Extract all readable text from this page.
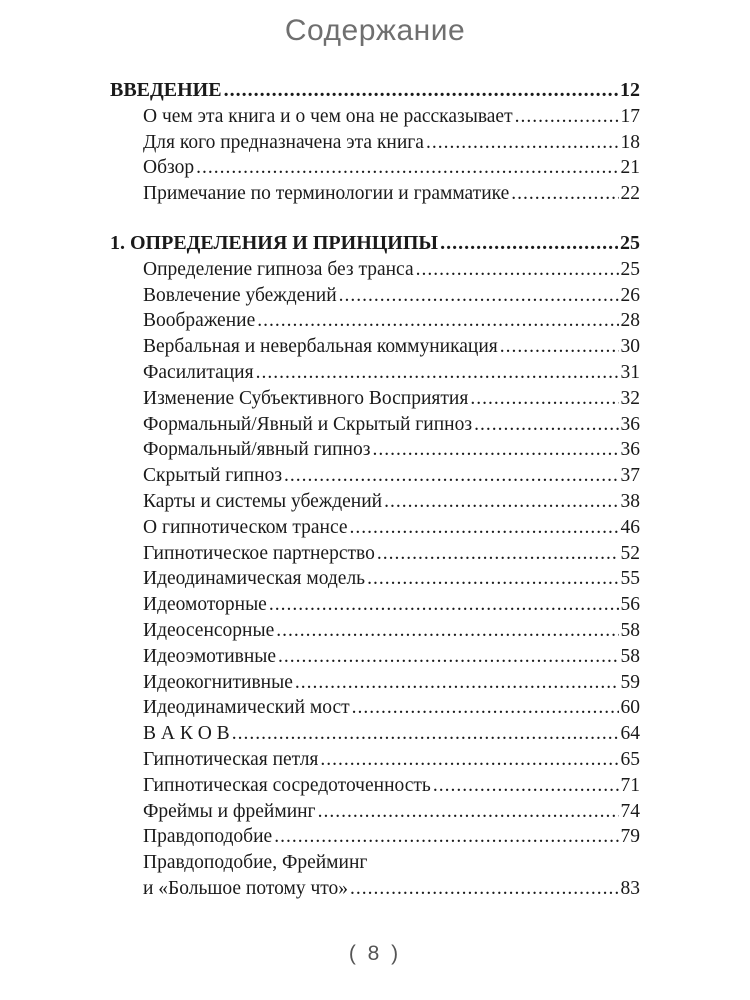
Содержание
ВВЕДЕНИЕ .....	12
О чем эта книга и о чем она не рассказывает .....	17
Для кого предназначена эта книга .....	18
Обзор .....	21
Примечание по терминологии и грамматике .....	22
1. ОПРЕДЕЛЕНИЯ И ПРИНЦИПЫ .....	25
Определение гипноза без транса .....	25
Вовлечение убеждений .....	26
Воображение .....	28
Вербальная и невербальная коммуникация .....	30
Фасилитация .....	31
Изменение Субъективного Восприятия .....	32
Формальный/Явный и Скрытый гипноз .....	36
Формальный/явный гипноз .....	36
Скрытый гипноз .....	37
Карты и системы убеждений .....	38
О гипнотическом трансе .....	46
Гипнотическое партнерство .....	52
Идеодинамическая модель .....	55
Идеомоторные .....	56
Идеосенсорные .....	58
Идеоэмотивные .....	58
Идеокогнитивные .....	59
Идеодинамический мост .....	60
В А К О В .....	64
Гипнотическая петля .....	65
Гипнотическая сосредоточенность .....	71
Фреймы и фрейминг .....	74
Правдоподобие .....	79
Правдоподобие, Фрейминг
и «Большое потому что» .....	83
( 8 )
